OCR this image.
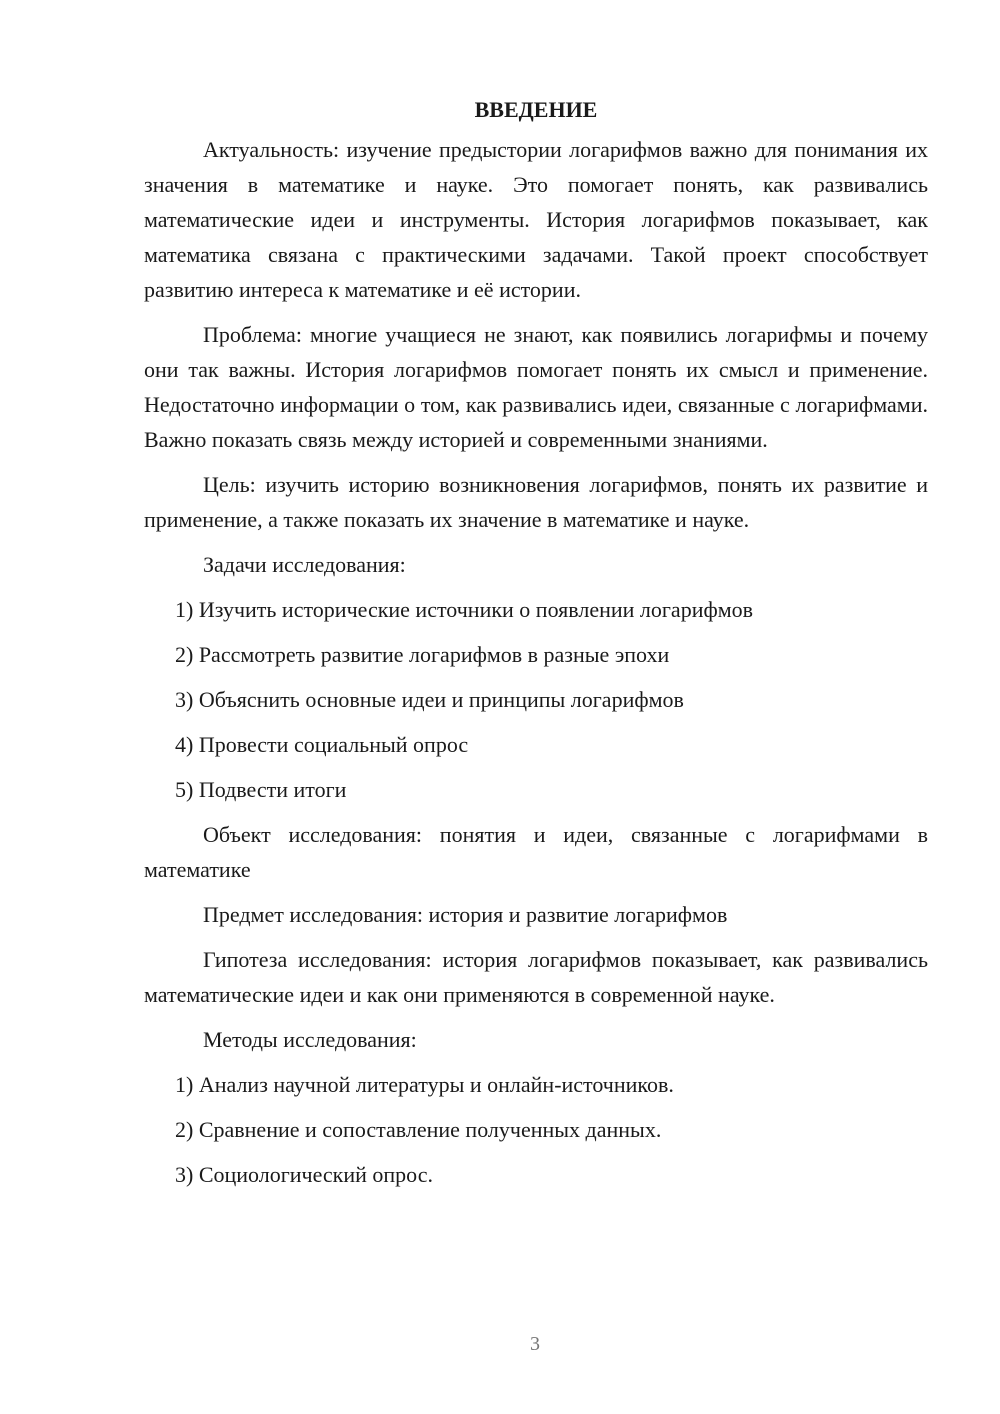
ВВЕДЕНИЕ

Актуальность: изучение предыстории логарифмов важно для понимания их значения в математике и науке. Это помогает понять, как развивались математические идеи и инструменты. История логарифмов показывает, как математика связана с практическими задачами. Такой проект способствует развитию интереса к математике и её истории.

Проблема: многие учащиеся не знают, как появились логарифмы и почему они так важны. История логарифмов помогает понять их смысл и применение. Недостаточно информации о том, как развивались идеи, связанные с логарифмами. Важно показать связь между историей и современными знаниями.

Цель: изучить историю возникновения логарифмов, понять их развитие и применение, а также показать их значение в математике и науке.

Задачи исследования:

1) Изучить исторические источники о появлении логарифмов
2) Рассмотреть развитие логарифмов в разные эпохи
3) Объяснить основные идеи и принципы логарифмов
4) Провести социальный опрос
5) Подвести итоги

Объект исследования: понятия и идеи, связанные с логарифмами в математике

Предмет исследования: история и развитие логарифмов

Гипотеза исследования: история логарифмов показывает, как развивались математические идеи и как они применяются в современной науке.

Методы исследования:

1) Анализ научной литературы и онлайн-источников.
2) Сравнение и сопоставление полученных данных.
3) Социологический опрос.
3
